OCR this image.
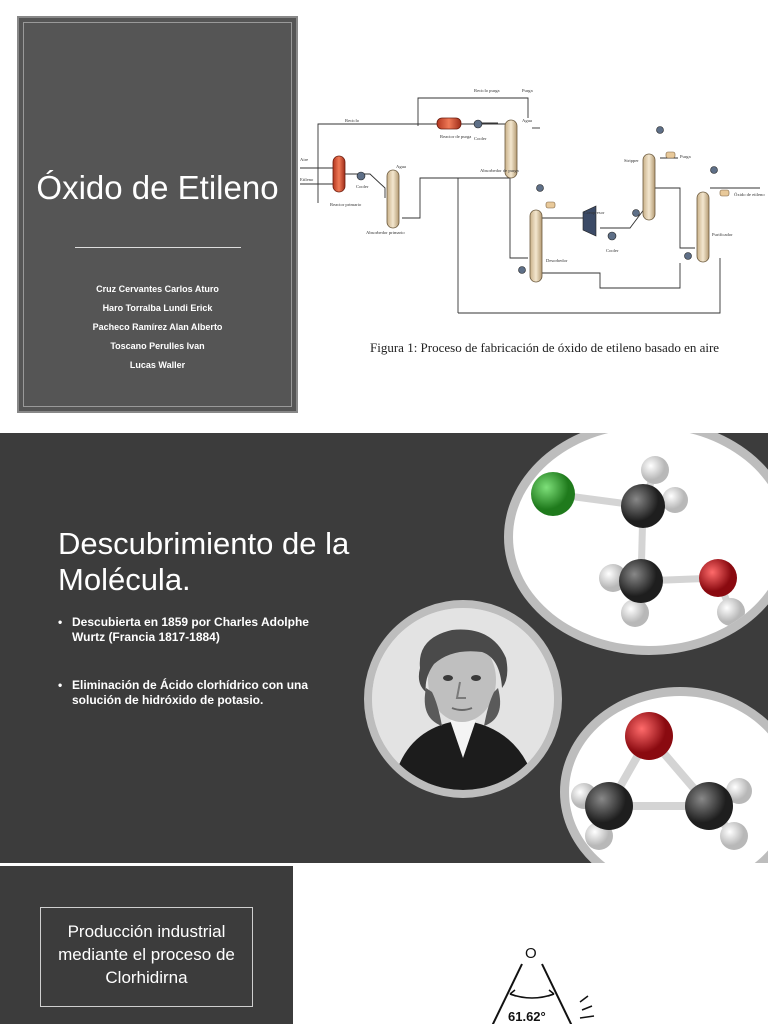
Óxido de Etileno
Cruz Cervantes Carlos Aturo
Haro Torralba Lundi Erick
Pacheco Ramírez Alan Alberto
Toscano Perulles Ivan
Lucas Waller
Reciclo purga	Purga
Reciclo
Aire
Etileno
Reactor primario
Cooler
Agua
Absorbedor primario
Reactor de purga Cooler
Agua
Absorbedor de purga
Desorbedor
Compresor
Cooler
Stripper
Purga
Purificador
Óxido de etileno
Figura 1: Proceso de fabricación de óxido de etileno basado en aire
Descubrimiento de la Molécula.
• Descubierta en 1859 por Charles Adolphe Wurtz (Francia 1817-1884)
• Eliminación de Ácido clorhídrico con una solución de hidróxido de potasio.
Producción industrial mediante el proceso de Clorhidirna
O
61.62°
